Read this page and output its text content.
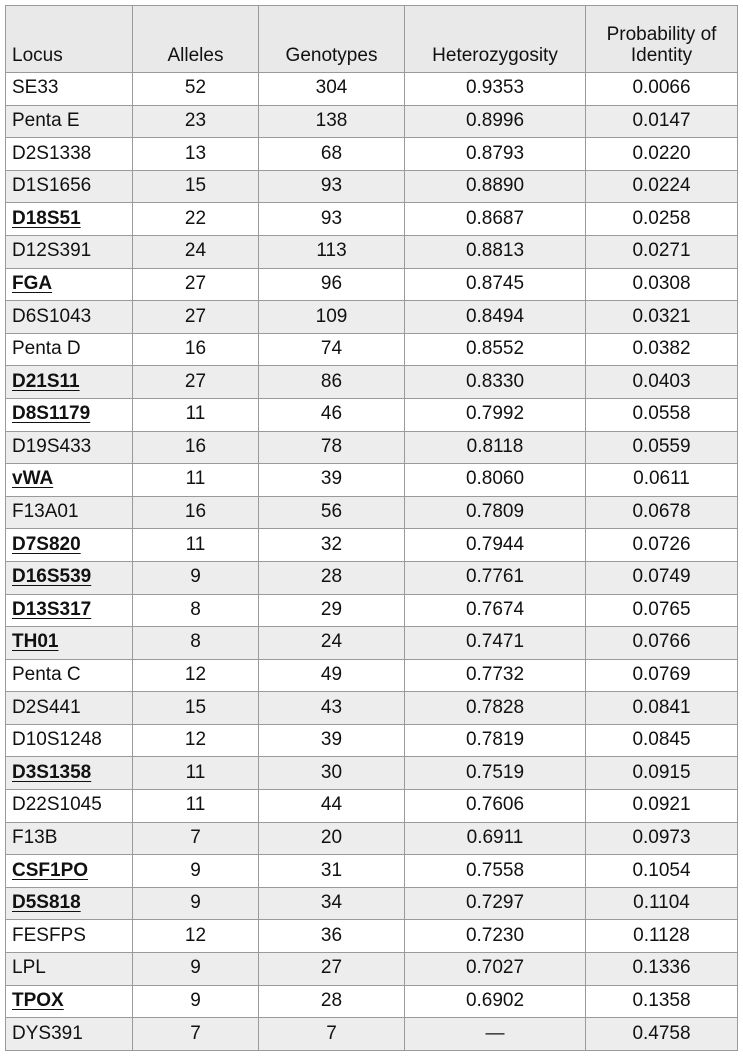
Locus	Alleles	Genotypes	Heterozygosity	Probability of
Identity
SE33	52	304	0.9353	0.0066
Penta E	23	138	0.8996	0.0147
D2S1338	13	68	0.8793	0.0220
D1S1656	15	93	0.8890	0.0224
D18S51	22	93	0.8687	0.0258
D12S391	24	113	0.8813	0.0271
FGA	27	96	0.8745	0.0308
D6S1043	27	109	0.8494	0.0321
Penta D	16	74	0.8552	0.0382
D21S11	27	86	0.8330	0.0403
D8S1179	11	46	0.7992	0.0558
D19S433	16	78	0.8118	0.0559
vWA	11	39	0.8060	0.0611
F13A01	16	56	0.7809	0.0678
D7S820	11	32	0.7944	0.0726
D16S539	9	28	0.7761	0.0749
D13S317	8	29	0.7674	0.0765
TH01	8	24	0.7471	0.0766
Penta C	12	49	0.7732	0.0769
D2S441	15	43	0.7828	0.0841
D10S1248	12	39	0.7819	0.0845
D3S1358	11	30	0.7519	0.0915
D22S1045	11	44	0.7606	0.0921
F13B	7	20	0.6911	0.0973
CSF1PO	9	31	0.7558	0.1054
D5S818	9	34	0.7297	0.1104
FESFPS	12	36	0.7230	0.1128
LPL	9	27	0.7027	0.1336
TPOX	9	28	0.6902	0.1358
DYS391	7	7	—	0.4758
